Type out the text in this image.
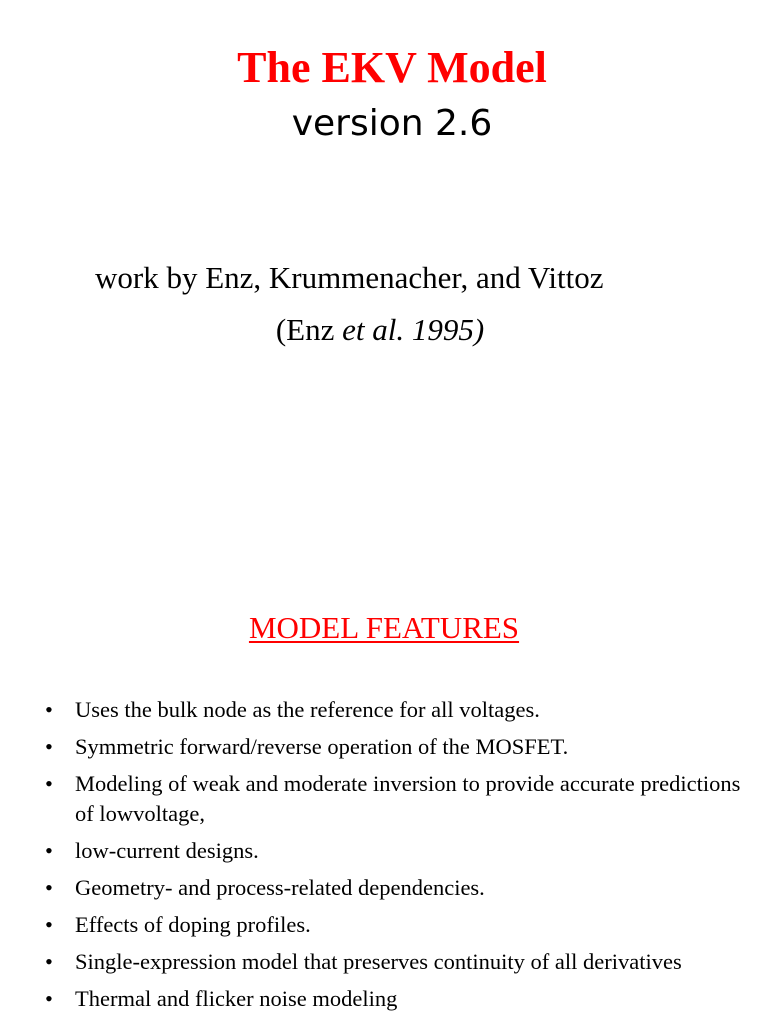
The EKV Model
version 2.6
work by Enz, Krummenacher, and Vittoz
(Enz et al. 1995)
MODEL FEATURES
• Uses the bulk node as the reference for all voltages.
• Symmetric forward/reverse operation of the MOSFET.
• Modeling of weak and moderate inversion to provide accurate predictions of lowvoltage,
• low-current designs.
• Geometry- and process-related dependencies.
• Effects of doping profiles.
• Single-expression model that preserves continuity of all derivatives
• Thermal and flicker noise modeling
